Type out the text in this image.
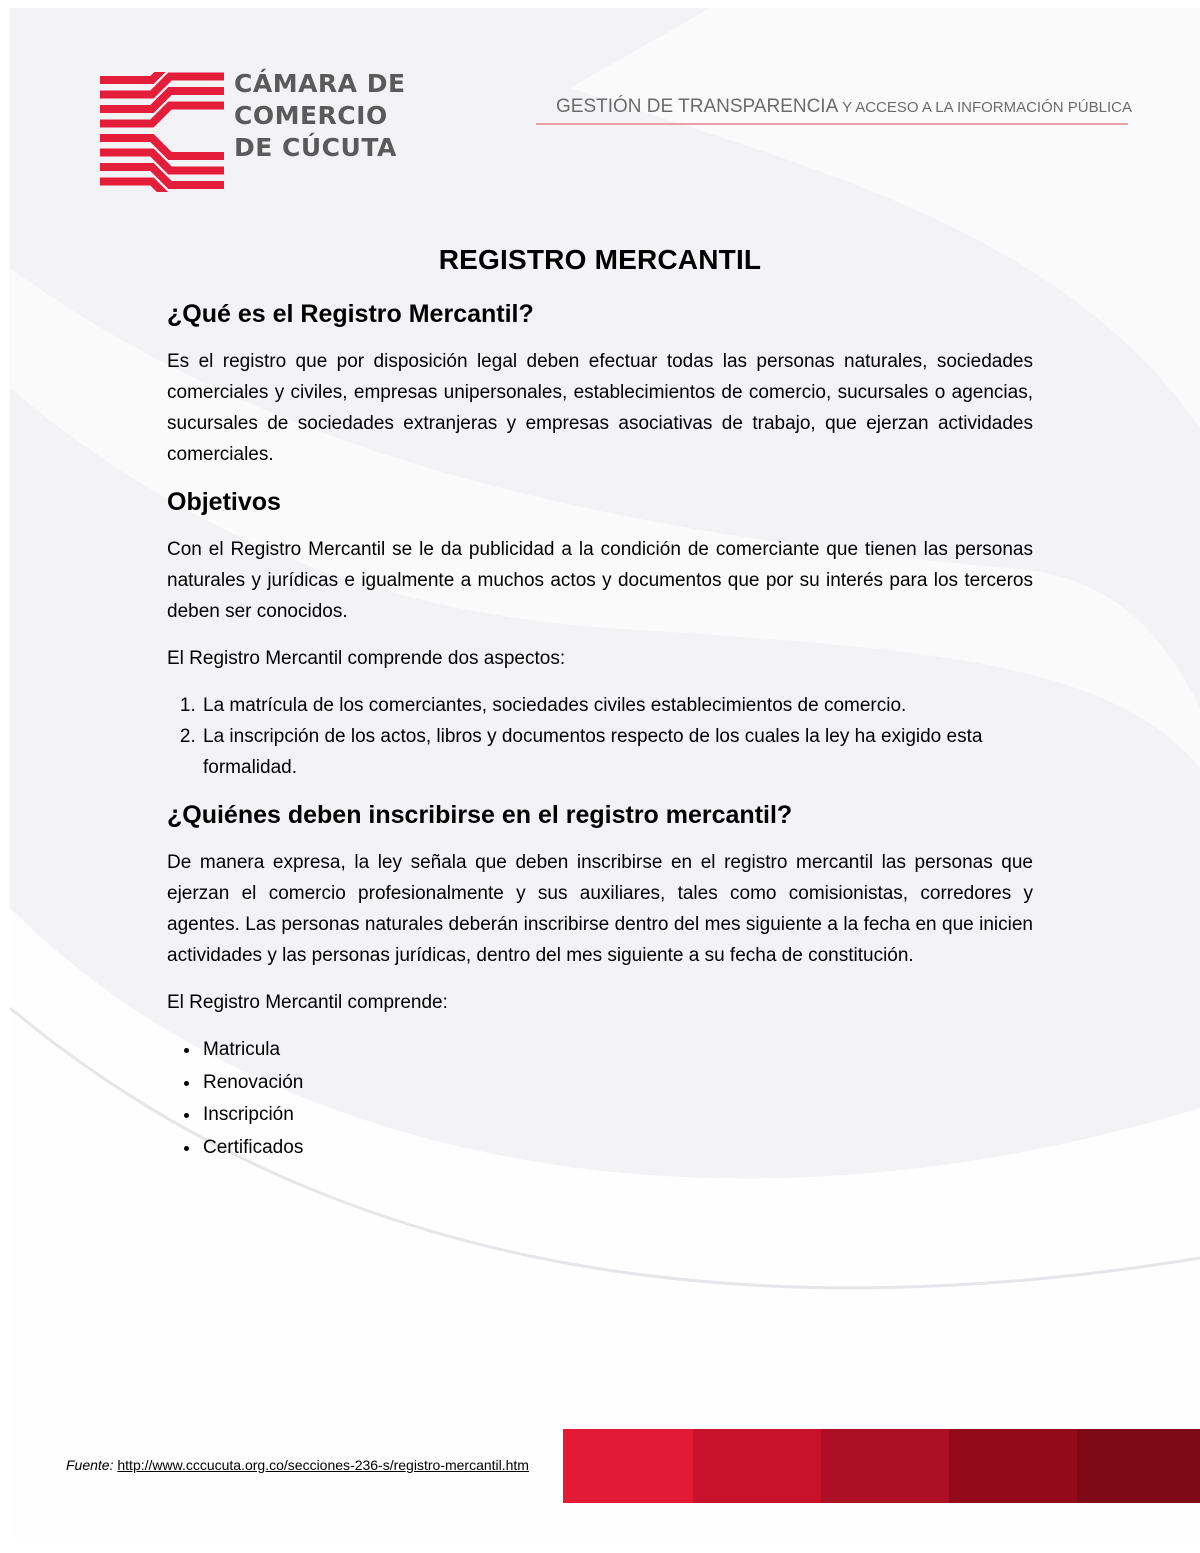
CÁMARA DE
COMERCIO
DE CÚCUTA
GESTIÓN DE TRANSPARENCIA Y ACCESO A LA INFORMACIÓN PÚBLICA
REGISTRO MERCANTIL
¿Qué es el Registro Mercantil?

Es el registro que por disposición legal deben efectuar todas las personas naturales, sociedades comerciales y civiles, empresas unipersonales, establecimientos de comercio, sucursales o agencias, sucursales de sociedades extranjeras y empresas asociativas de trabajo, que ejerzan actividades comerciales.

Objetivos

Con el Registro Mercantil se le da publicidad a la condición de comerciante que tienen las personas naturales y jurídicas e igualmente a muchos actos y documentos que por su interés para los terceros deben ser conocidos.

El Registro Mercantil comprende dos aspectos:

1. La matrícula de los comerciantes, sociedades civiles establecimientos de comercio.
2. La inscripción de los actos, libros y documentos respecto de los cuales la ley ha exigido esta formalidad.
¿Quiénes deben inscribirse en el registro mercantil?

De manera expresa, la ley señala que deben inscribirse en el registro mercantil las personas que ejerzan el comercio profesionalmente y sus auxiliares, tales como comisionistas, corredores y agentes. Las personas naturales deberán inscribirse dentro del mes siguiente a la fecha en que inicien actividades y las personas jurídicas, dentro del mes siguiente a su fecha de constitución.

El Registro Mercantil comprende:

• Matricula
• Renovación
• Inscripción
• Certificados
Fuente: http://www.cccucuta.org.co/secciones-236-s/registro-mercantil.htm
